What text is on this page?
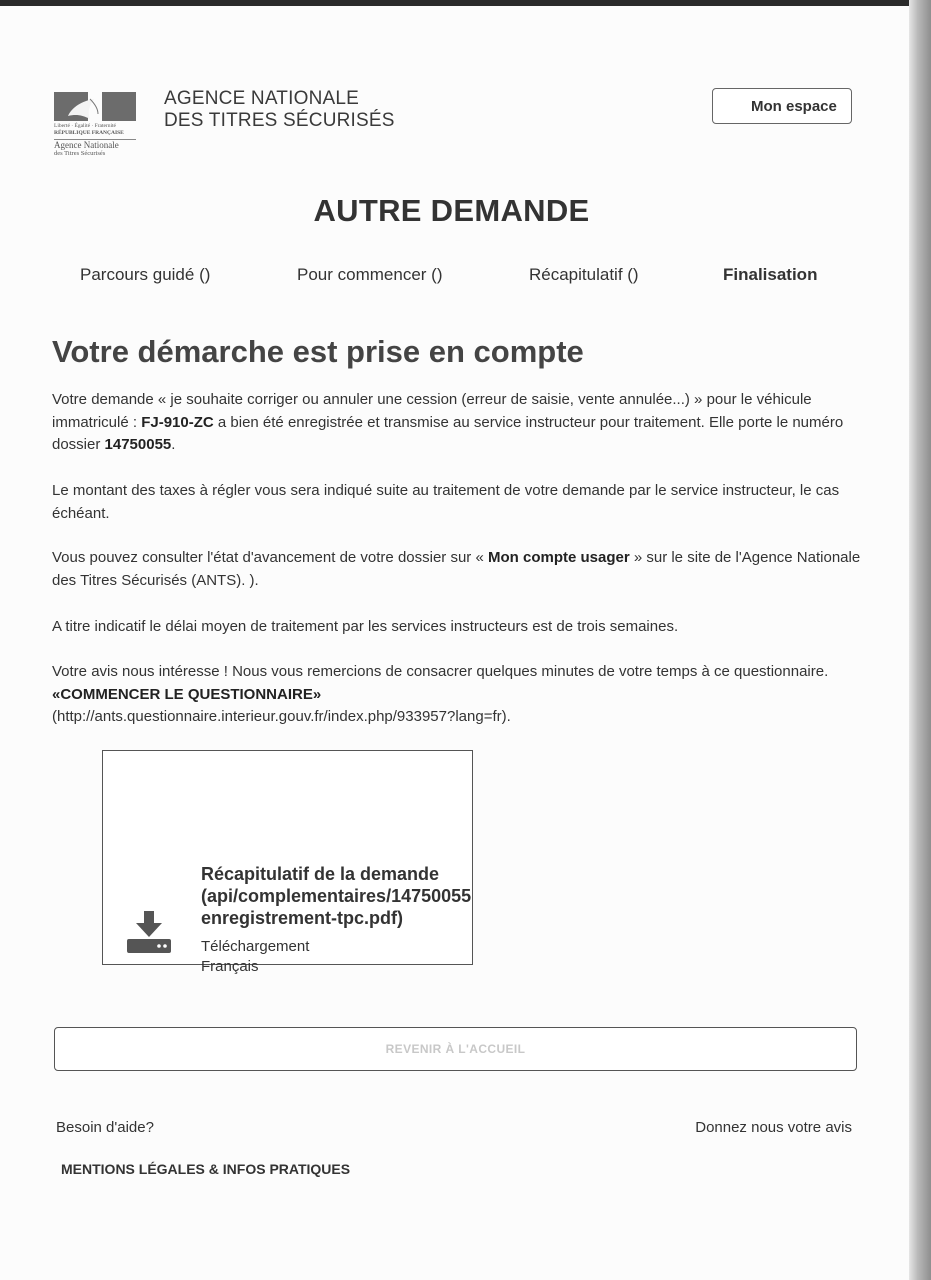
Liberté · Égalité · Fraternité
RÉPUBLIQUE FRANÇAISE
Agence Nationale
des Titres Sécurisés
AGENCE NATIONALE
DES TITRES SÉCURISÉS
Mon espace
AUTRE DEMANDE
Parcours guidé ()	Pour commencer ()	Récapitulatif ()	Finalisation
Votre démarche est prise en compte

Votre demande « je souhaite corriger ou annuler une cession (erreur de saisie, vente annulée...) » pour le véhicule immatriculé : FJ-910-ZC a bien été enregistrée et transmise au service instructeur pour traitement. Elle porte le numéro dossier 14750055.

Le montant des taxes à régler vous sera indiqué suite au traitement de votre demande par le service instructeur, le cas échéant.

Vous pouvez consulter l'état d'avancement de votre dossier sur « Mon compte usager » sur le site de l'Agence Nationale des Titres Sécurisés (ANTS). ).

A titre indicatif le délai moyen de traitement par les services instructeurs est de trois semaines.

Votre avis nous intéresse ! Nous vous remercions de consacrer quelques minutes de votre temps à ce questionnaire. «COMMENCER LE QUESTIONNAIRE»
(http://ants.questionnaire.interieur.gouv.fr/index.php/933957?lang=fr).

Récapitulatif de la demande
(api/complementaires/14750055
enregistrement-tpc.pdf)
Téléchargement
Français
REVENIR À L'ACCUEIL
Besoin d'aide?	Donnez nous votre avis
MENTIONS LÉGALES & INFOS PRATIQUES
